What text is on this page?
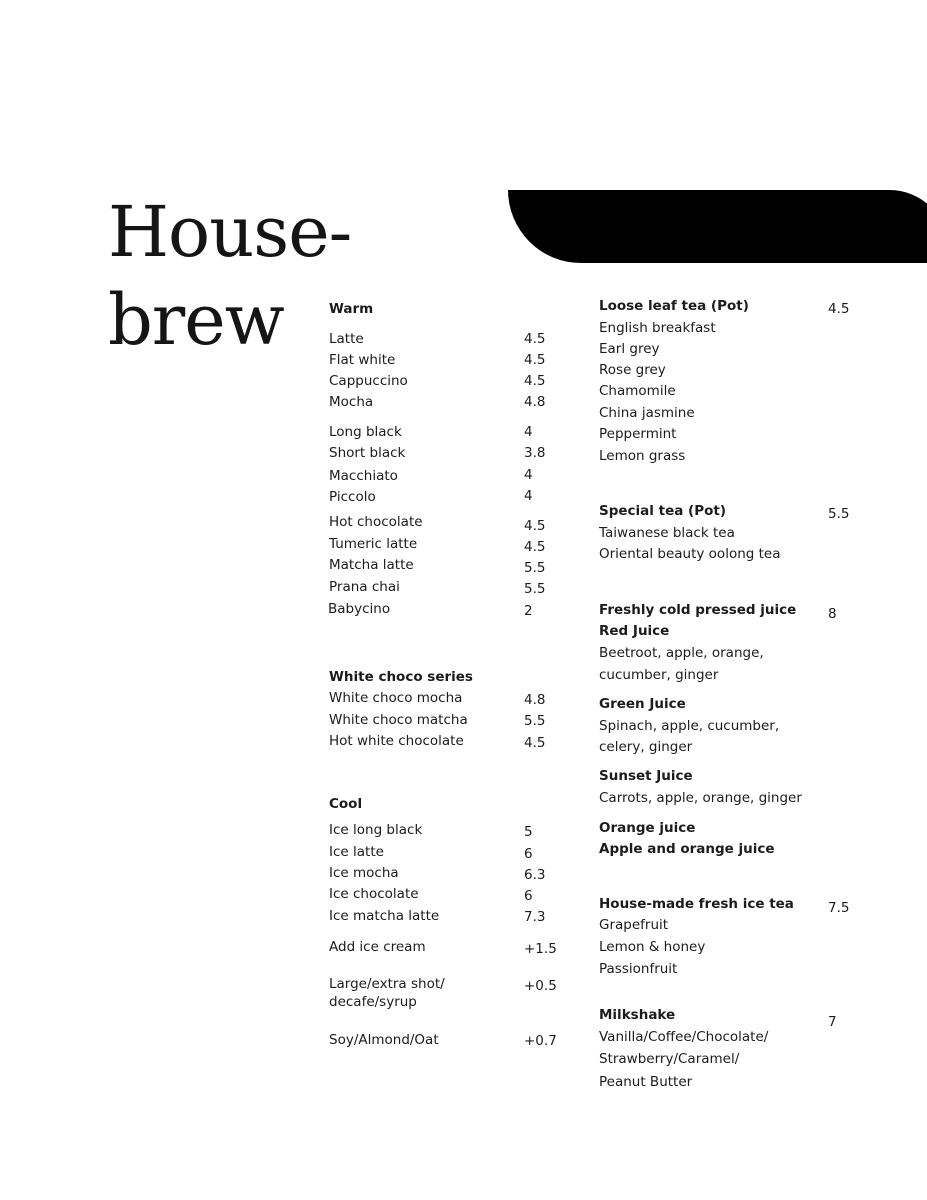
House-
brew	Warm
Latte	4.5
Flat white	4.5
Cappuccino	4.5
Mocha	4.8
Long black	4
Short black	3.8
Macchiato	4
Piccolo	4
Hot chocolate	4.5
Tumeric latte	4.5
Matcha latte	5.5
Prana chai	5.5
Babycino	2
White choco series
White choco mocha	4.8
White choco matcha	5.5
Hot white chocolate	4.5
Cool
Ice long black	5
Ice latte	6
Ice mocha	6.3
Ice chocolate	6
Ice matcha latte	7.3
Add ice cream	+1.5
Large/extra shot/
decafe/syrup
+0.5
Soy/Almond/Oat	+0.7
Loose leaf tea (Pot)	4.5
English breakfast
Earl grey
Rose grey
Chamomile
China jasmine
Peppermint
Lemon grass
Special tea (Pot)	5.5
Taiwanese black tea
Oriental beauty oolong tea
Freshly cold pressed juice 8
Red Juice
Beetroot, apple, orange,
cucumber, ginger
Green Juice
Spinach, apple, cucumber,
celery, ginger
Sunset Juice
Carrots, apple, orange, ginger
Orange juice
Apple and orange juice
House-made fresh ice tea	7.5
Grapefruit
Lemon & honey
Passionfruit
Milkshake	7
Vanilla/Coffee/Chocolate/
Strawberry/Caramel/
Peanut Butter
